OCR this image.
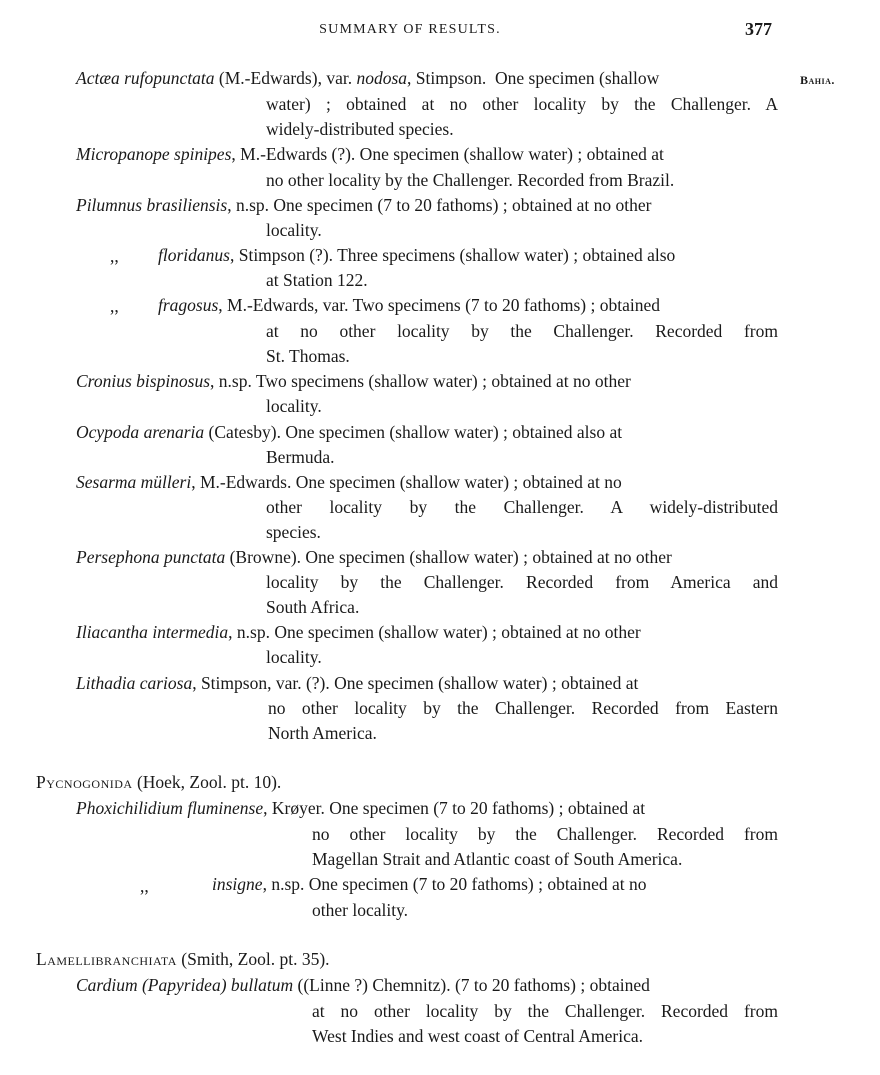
SUMMARY OF RESULTS.	377
Bahia.
Actæa rufopunctata (M.-Edwards), var. nodosa, Stimpson. One specimen (shallow
water) ; obtained at no other locality by the Challenger. A
widely-distributed species.
Micropanope spinipes, M.-Edwards (?). One specimen (shallow water) ; obtained at
no other locality by the Challenger. Recorded from Brazil.
Pilumnus brasiliensis, n.sp. One specimen (7 to 20 fathoms) ; obtained at no other
locality.
,, floridanus, Stimpson (?). Three specimens (shallow water) ; obtained also
at Station 122.
,, fragosus, M.-Edwards, var. Two specimens (7 to 20 fathoms) ; obtained
at no other locality by the Challenger. Recorded from
St. Thomas.
Cronius bispinosus, n.sp. Two specimens (shallow water) ; obtained at no other
locality.
Ocypoda arenaria (Catesby). One specimen (shallow water) ; obtained also at
Bermuda.
Sesarma mülleri, M.-Edwards. One specimen (shallow water) ; obtained at no
other locality by the Challenger. A widely-distributed
species.
Persephona punctata (Browne). One specimen (shallow water) ; obtained at no other
locality by the Challenger. Recorded from America and
South Africa.
Iliacantha intermedia, n.sp. One specimen (shallow water) ; obtained at no other
locality.
Lithadia cariosa, Stimpson, var. (?). One specimen (shallow water) ; obtained at
no other locality by the Challenger. Recorded from Eastern
North America.
Pycnogonida (Hoek, Zool. pt. 10).
Phoxichilidium fluminense, Krøyer. One specimen (7 to 20 fathoms) ; obtained at
no other locality by the Challenger. Recorded from
Magellan Strait and Atlantic coast of South America.
,,	insigne, n.sp. One specimen (7 to 20 fathoms) ; obtained at no
other locality.
Lamellibranchiata (Smith, Zool. pt. 35).
Cardium (Papyridea) bullatum ((Linne ?) Chemnitz). (7 to 20 fathoms) ; obtained
at no other locality by the Challenger. Recorded from
West Indies and west coast of Central America.
